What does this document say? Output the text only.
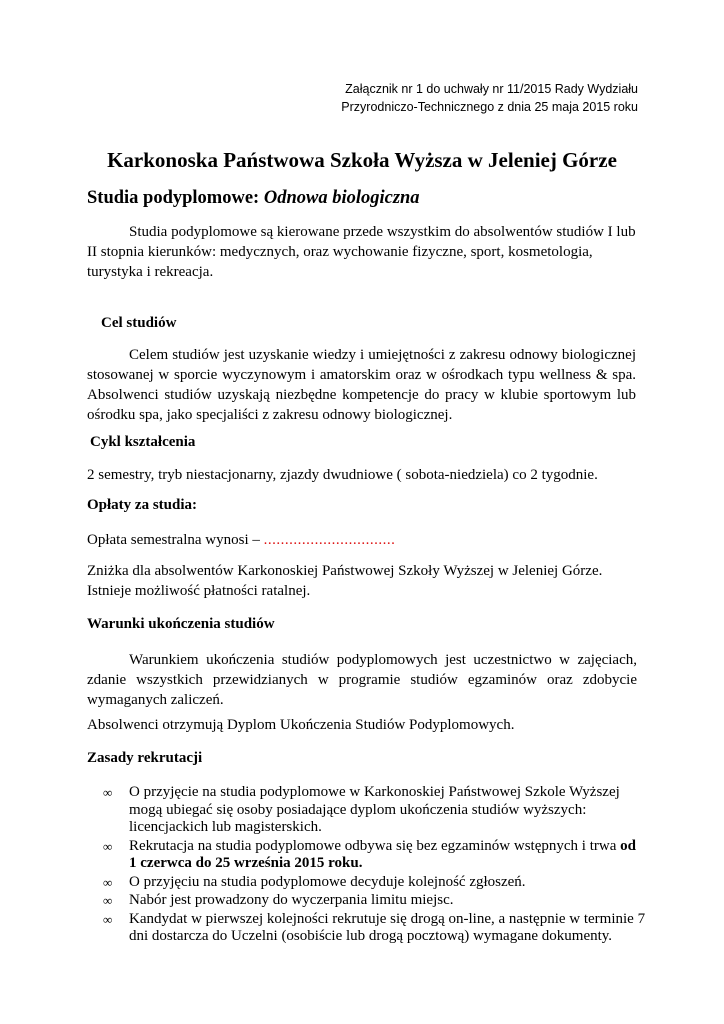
Załącznik nr 1 do uchwały nr 11/2015 Rady Wydziału
Przyrodniczo-Technicznego z dnia 25 maja 2015 roku
Karkonoska Państwowa Szkoła Wyższa w Jeleniej Górze
Studia podyplomowe: Odnowa biologiczna
Studia podyplomowe są kierowane przede wszystkim do absolwentów studiów I lub II stopnia kierunków: medycznych, oraz wychowanie fizyczne, sport, kosmetologia, turystyka i rekreacja.
Cel studiów
Celem studiów jest uzyskanie wiedzy i umiejętności z zakresu odnowy biologicznej stosowanej w sporcie wyczynowym i amatorskim oraz w ośrodkach typu wellness & spa. Absolwenci studiów uzyskają niezbędne kompetencje do pracy w klubie sportowym lub ośrodku spa, jako specjaliści z zakresu odnowy biologicznej.
Cykl kształcenia
2 semestry, tryb niestacjonarny, zjazdy dwudniowe ( sobota-niedziela) co 2 tygodnie.
Opłaty za studia:
Opłata semestralna wynosi – ...............................
Zniżka dla absolwentów Karkonoskiej Państwowej Szkoły Wyższej w Jeleniej Górze. Istnieje możliwość płatności ratalnej.
Warunki ukończenia studiów
Warunkiem ukończenia studiów podyplomowych jest uczestnictwo w zajęciach, zdanie wszystkich przewidzianych w programie studiów egzaminów oraz zdobycie wymaganych zaliczeń.
Absolwenci otrzymują Dyplom Ukończenia Studiów Podyplomowych.
Zasady rekrutacji
∞ O przyjęcie na studia podyplomowe w Karkonoskiej Państwowej Szkole Wyższej mogą ubiegać się osoby posiadające dyplom ukończenia studiów wyższych: licencjackich lub magisterskich.
∞ Rekrutacja na studia podyplomowe odbywa się bez egzaminów wstępnych i trwa od 1 czerwca do 25 września 2015 roku.
∞ O przyjęciu na studia podyplomowe decyduje kolejność zgłoszeń.
∞ Nabór jest prowadzony do wyczerpania limitu miejsc.
∞ Kandydat w pierwszej kolejności rekrutuje się drogą on-line, a następnie w terminie 7 dni dostarcza do Uczelni (osobiście lub drogą pocztową) wymagane dokumenty.
